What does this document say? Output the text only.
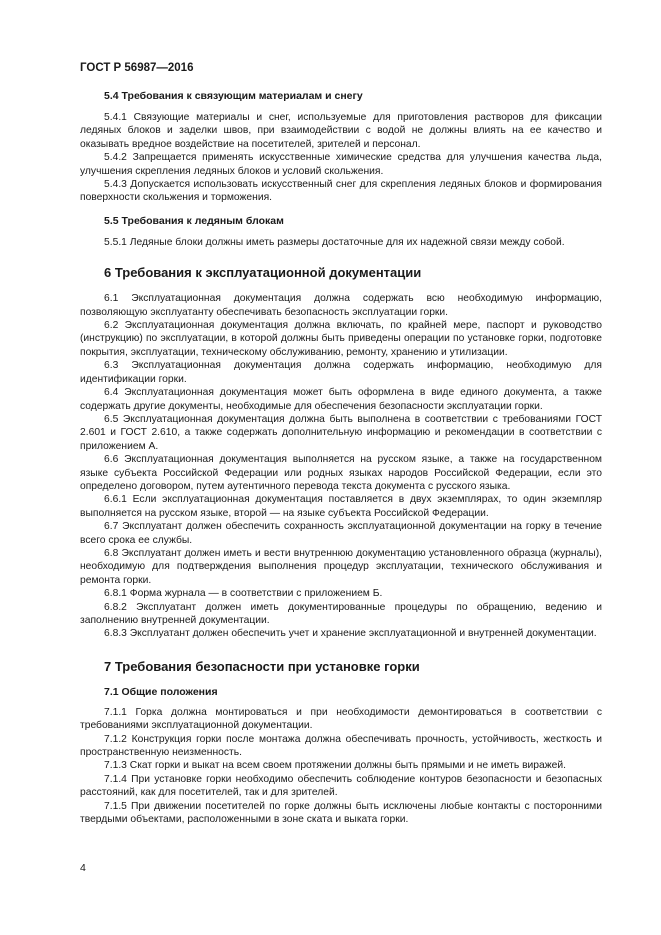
ГОСТ Р 56987—2016

5.4 Требования к связующим материалам и снегу

5.4.1 Связующие материалы и снег, используемые для приготовления растворов для фиксации ледяных блоков и заделки швов, при взаимодействии с водой не должны влиять на ее качество и оказывать вредное воздействие на посетителей, зрителей и персонал.

5.4.2 Запрещается применять искусственные химические средства для улучшения качества льда, улучшения скрепления ледяных блоков и условий скольжения.

5.4.3 Допускается использовать искусственный снег для скрепления ледяных блоков и формирования поверхности скольжения и торможения.

5.5 Требования к ледяным блокам

5.5.1 Ледяные блоки должны иметь размеры достаточные для их надежной связи между собой.

6 Требования к эксплуатационной документации

6.1 Эксплуатационная документация должна содержать всю необходимую информацию, позволяющую эксплуатанту обеспечивать безопасность эксплуатации горки.

6.2 Эксплуатационная документация должна включать, по крайней мере, паспорт и руководство (инструкцию) по эксплуатации, в которой должны быть приведены операции по установке горки, подготовке покрытия, эксплуатации, техническому обслуживанию, ремонту, хранению и утилизации.

6.3 Эксплуатационная документация должна содержать информацию, необходимую для идентификации горки.

6.4 Эксплуатационная документация может быть оформлена в виде единого документа, а также содержать другие документы, необходимые для обеспечения безопасности эксплуатации горки.

6.5 Эксплуатационная документация должна быть выполнена в соответствии с требованиями ГОСТ 2.601 и ГОСТ 2.610, а также содержать дополнительную информацию и рекомендации в соответствии с приложением А.

6.6 Эксплуатационная документация выполняется на русском языке, а также на государственном языке субъекта Российской Федерации или родных языках народов Российской Федерации, если это определено договором, путем аутентичного перевода текста документа с русского языка.

6.6.1 Если эксплуатационная документация поставляется в двух экземплярах, то один экземпляр выполняется на русском языке, второй — на языке субъекта Российской Федерации.

6.7 Эксплуатант должен обеспечить сохранность эксплуатационной документации на горку в течение всего срока ее службы.

6.8 Эксплуатант должен иметь и вести внутреннюю документацию установленного образца (журналы), необходимую для подтверждения выполнения процедур эксплуатации, технического обслуживания и ремонта горки.

6.8.1 Форма журнала — в соответствии с приложением Б.

6.8.2 Эксплуатант должен иметь документированные процедуры по обращению, ведению и заполнению внутренней документации.

6.8.3 Эксплуатант должен обеспечить учет и хранение эксплуатационной и внутренней документации.

7 Требования безопасности при установке горки

7.1 Общие положения

7.1.1 Горка должна монтироваться и при необходимости демонтироваться в соответствии с требованиями эксплуатационной документации.

7.1.2 Конструкция горки после монтажа должна обеспечивать прочность, устойчивость, жесткость и пространственную неизменность.

7.1.3 Скат горки и выкат на всем своем протяжении должны быть прямыми и не иметь виражей.

7.1.4 При установке горки необходимо обеспечить соблюдение контуров безопасности и безопасных расстояний, как для посетителей, так и для зрителей.

7.1.5 При движении посетителей по горке должны быть исключены любые контакты с посторонними твердыми объектами, расположенными в зоне ската и выката горки.

4
